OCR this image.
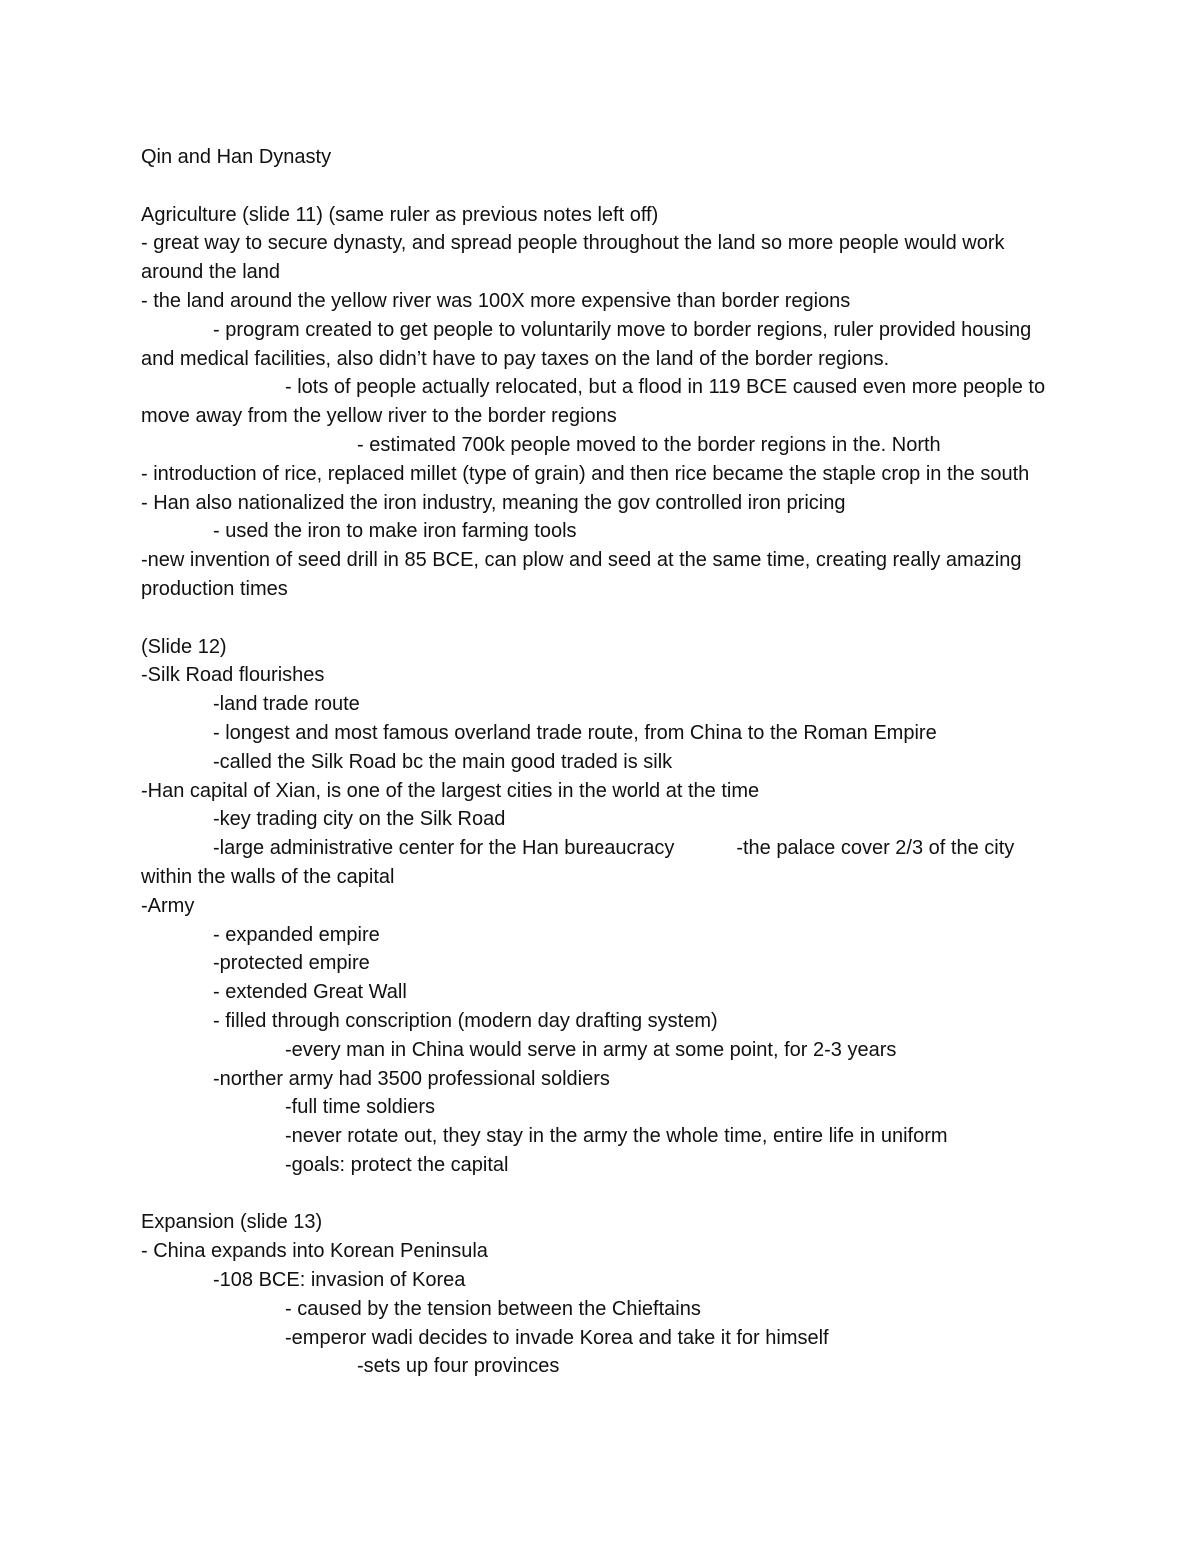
Qin and Han Dynasty
Agriculture (slide 11) (same ruler as previous notes left off)
- great way to secure dynasty, and spread people throughout the land so more people would work around the land
- the land around the yellow river was 100X more expensive than border regions
- program created to get people to voluntarily move to border regions, ruler provided housing and medical facilities, also didn’t have to pay taxes on the land of the border regions.
- lots of people actually relocated, but a flood in 119 BCE caused even more people to move away from the yellow river to the border regions
- estimated 700k people moved to the border regions in the. North
- introduction of rice, replaced millet (type of grain) and then rice became the staple crop in the south
- Han also nationalized the iron industry, meaning the gov controlled iron pricing
- used the iron to make iron farming tools
-new invention of seed drill in 85 BCE, can plow and seed at the same time, creating really amazing production times
(Slide 12)
-Silk Road flourishes
-land trade route
- longest and most famous overland trade route, from China to the Roman Empire
-called the Silk Road bc the main good traded is silk
-Han capital of Xian, is one of the largest cities in the world at the time
-key trading city on the Silk Road
-large administrative center for the Han bureaucracy	-the palace cover 2/3 of the city within the walls of the capital
-Army
- expanded empire
-protected empire
- extended Great Wall
- filled through conscription (modern day drafting system)
-every man in China would serve in army at some point, for 2-3 years
-norther army had 3500 professional soldiers
-full time soldiers
-never rotate out, they stay in the army the whole time, entire life in uniform
-goals: protect the capital
Expansion (slide 13)
- China expands into Korean Peninsula
-108 BCE: invasion of Korea
- caused by the tension between the Chieftains
-emperor wadi decides to invade Korea and take it for himself
-sets up four provinces
